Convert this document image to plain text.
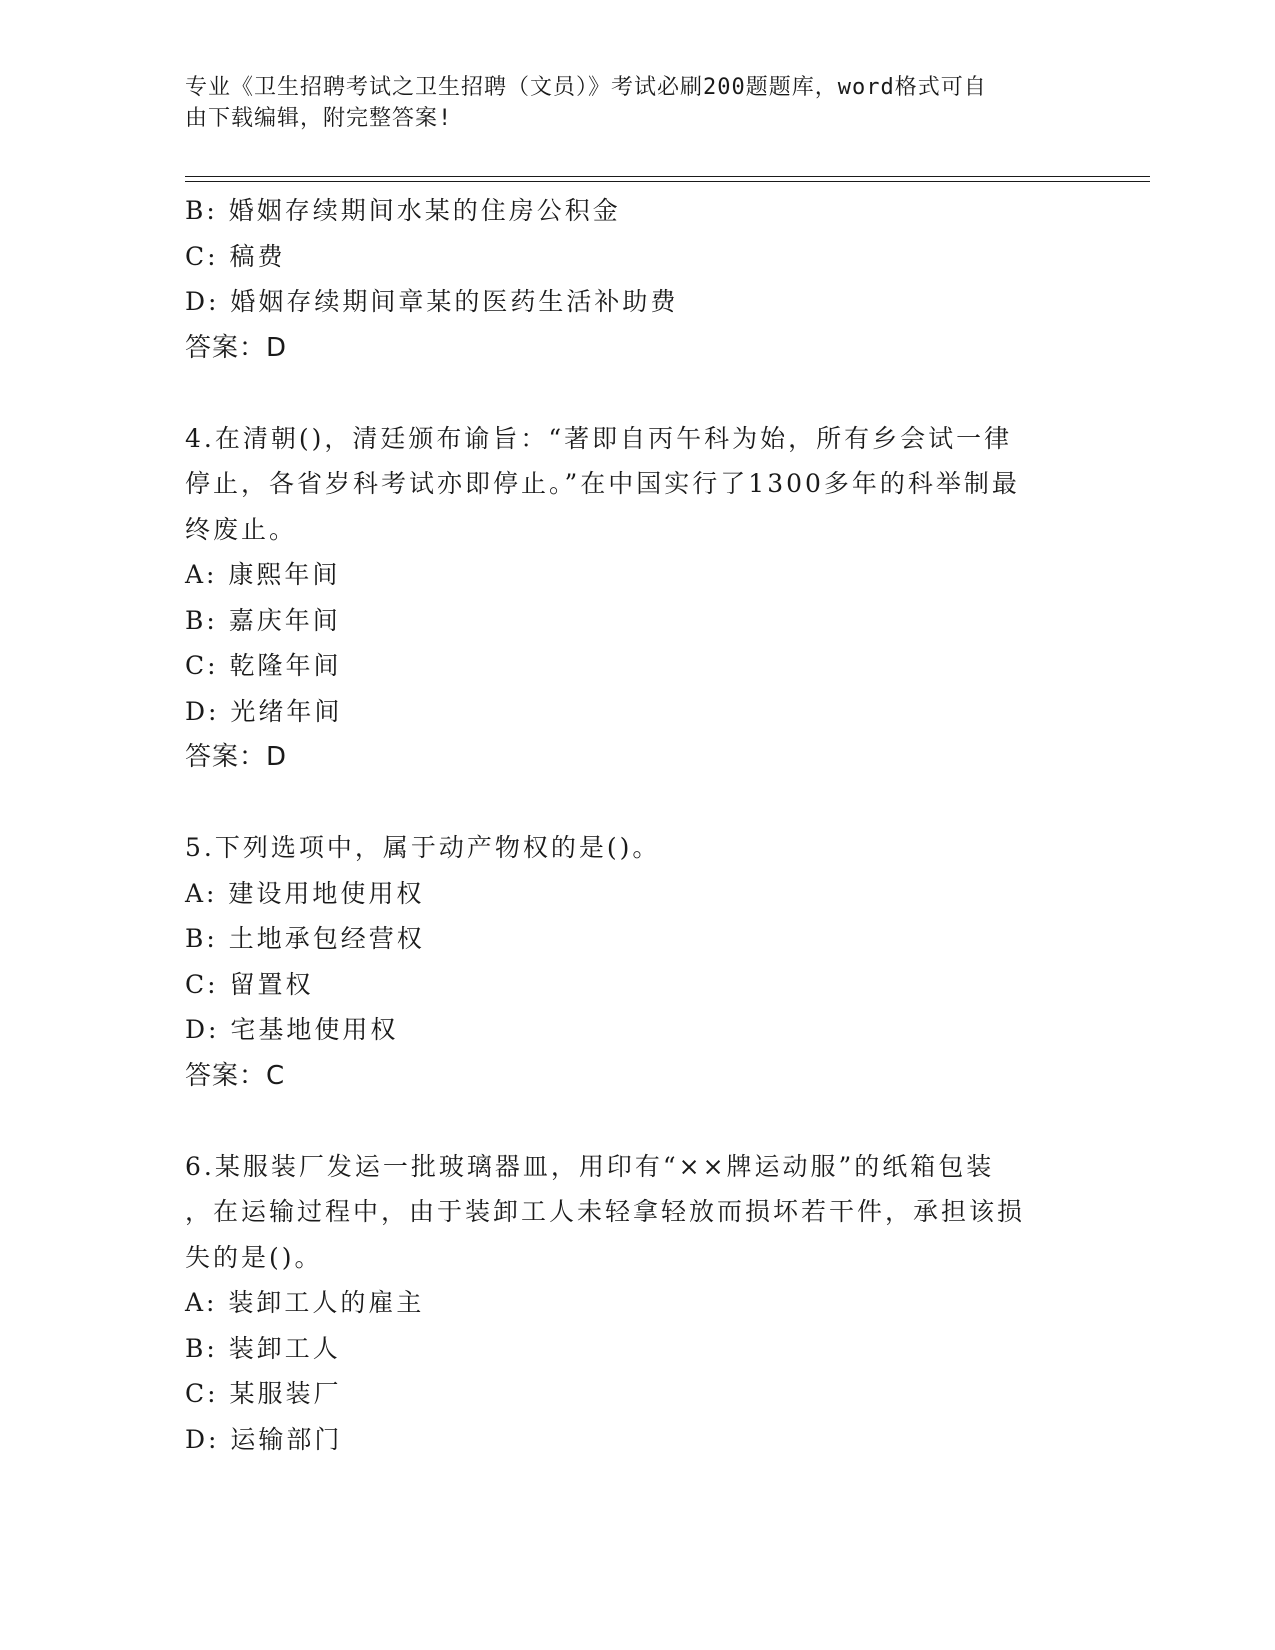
专业《卫生招聘考试之卫生招聘（文员）》考试必刷200题题库，word格式可自
由下载编辑，附完整答案!
B: 婚姻存续期间水某的住房公积金
C: 稿费
D: 婚姻存续期间章某的医药生活补助费
答案：D
4.在清朝()，清廷颁布谕旨：“著即自丙午科为始，所有乡会试一律
停止，各省岁科考试亦即停止。”在中国实行了1300多年的科举制最
终废止。
A: 康熙年间
B: 嘉庆年间
C: 乾隆年间
D: 光绪年间
答案：D
5.下列选项中，属于动产物权的是()。
A: 建设用地使用权
B: 土地承包经营权
C: 留置权
D: 宅基地使用权
答案：C
6.某服装厂发运一批玻璃器皿，用印有“××牌运动服”的纸箱包装
，在运输过程中，由于装卸工人未轻拿轻放而损坏若干件，承担该损
失的是()。
A: 装卸工人的雇主
B: 装卸工人
C: 某服装厂
D: 运输部门
